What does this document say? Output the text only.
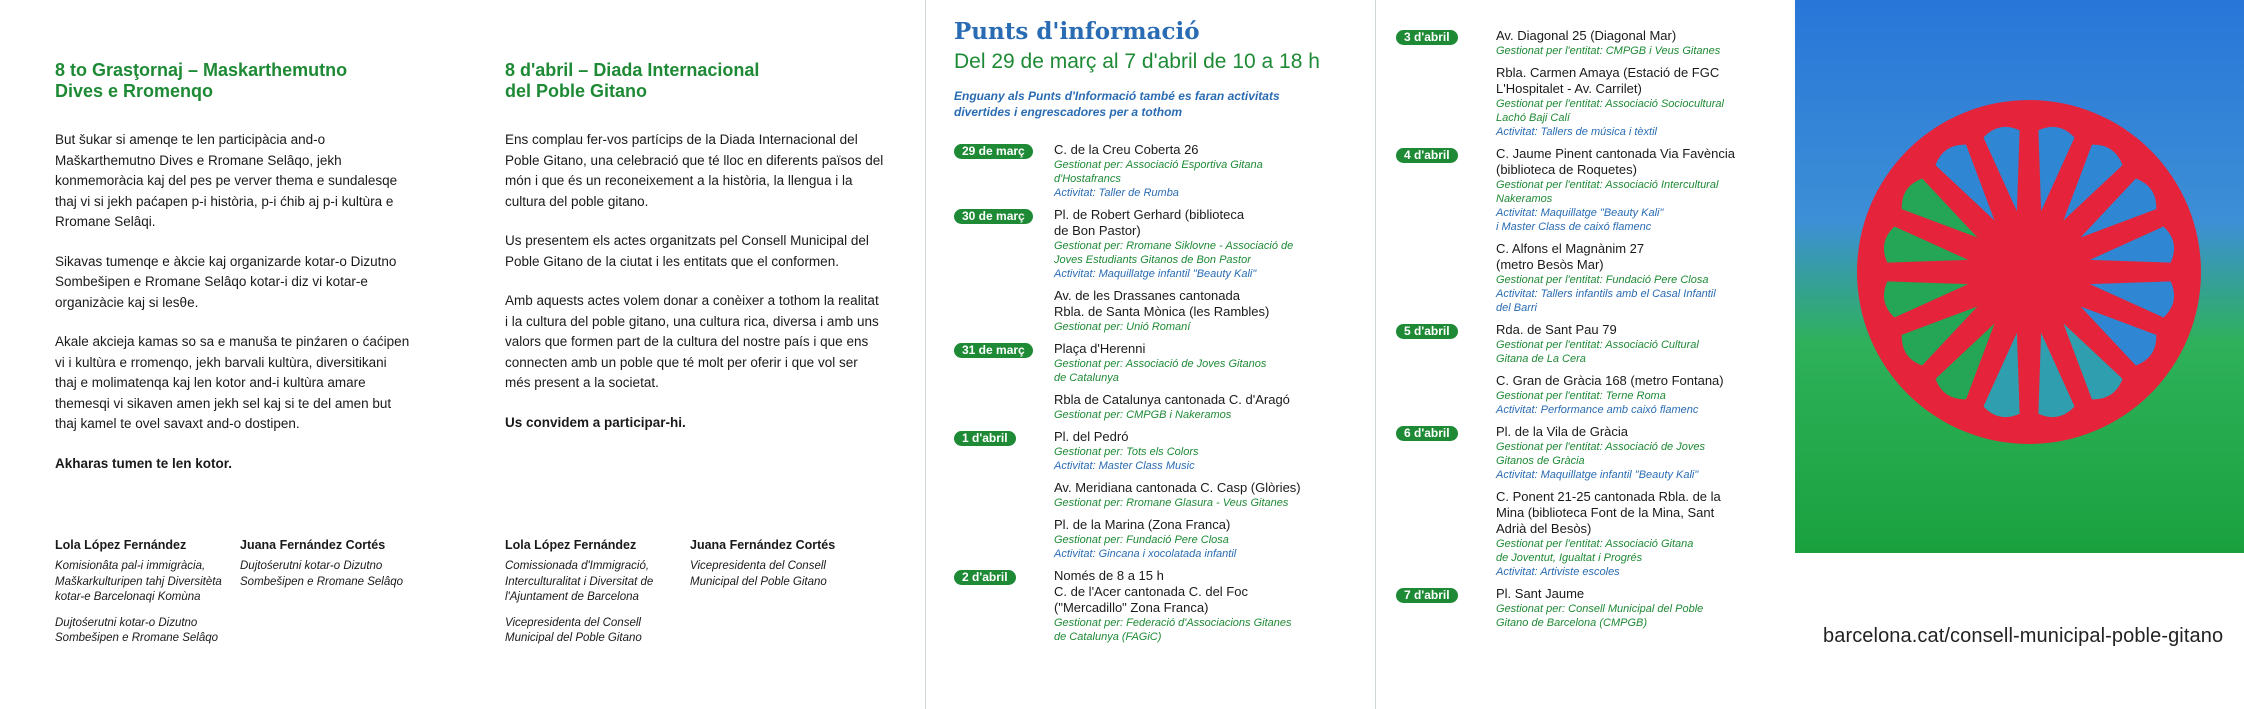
8 to Grasţornaj – Maskarthemutno
Dives e Rromenqo
But šukar si amenqe te len participàcia and-o Maškarthemutno Dives e Rromane Selâqo, jekh konmemoràcia kaj del pes pe verver thema e sundalesqe thaj vi si jekh paćapen p-i història, p-i ćhib aj p-i kultùra e Rromane Selâqi.
Sikavas tumenqe e àkcie kaj organizarde kotar-o Dizutno Sombešipen e Rromane Selâqo kotar-i diz vi kotar-e organizàcie kaj si lesθe.
Akale akcieja kamas so sa e manuša te pinźaren o ćaćipen vi i kultùra e rromenqo, jekh barvali kultùra, diversitikani thaj e molimatenqa kaj len kotor and-i kultùra amare themesqi vi sikaven amen jekh sel kaj si te del amen but thaj kamel te ovel savaxt and-o dostipen.
Akharas tumen te len kotor.
Lola López Fernández
Komisionâta pal-i immigràcia, Maškarkulturipen tahj Diversitèta kotar-e Barcelonaqi Komùna
Dujtośerutni kotar-o Dizutno Sombešipen e Rromane Selâqo
Juana Fernández Cortés
Dujtośerutni kotar-o Dizutno Sombešipen e Rromane Selâqo
8 d'abril – Diada Internacional
del Poble Gitano
Ens complau fer-vos partícips de la Diada Internacional del Poble Gitano, una celebració que té lloc en diferents països del món i que és un reconeixement a la història, la llengua i la cultura del poble gitano.
Us presentem els actes organitzats pel Consell Municipal del Poble Gitano de la ciutat i les entitats que el conformen.
Amb aquests actes volem donar a conèixer a tothom la realitat i la cultura del poble gitano, una cultura rica, diversa i amb uns valors que formen part de la cultura del nostre país i que ens connecten amb un poble que té molt per oferir i que vol ser més present a la societat.
Us convidem a participar-hi.
Lola López Fernández
Comissionada d'Immigració, Interculturalitat i Diversitat de l'Ajuntament de Barcelona
Vicepresidenta del Consell Municipal del Poble Gitano
Juana Fernández Cortés
Vicepresidenta del Consell Municipal del Poble Gitano
Punts d'informació
Del 29 de març al 7 d'abril de 10 a 18 h
Enguany als Punts d'Informació també es faran activitats divertides i engrescadores per a tothom
29 de març	C. de la Creu Coberta 26
Gestionat per: Associació Esportiva Gitana
d'Hostafrancs
Activitat: Taller de Rumba
30 de març	Pl. de Robert Gerhard (biblioteca
de Bon Pastor)
Gestionat per: Rromane Siklovne - Associació de
Joves Estudiants Gitanos de Bon Pastor
Activitat: Maquillatge infantil "Beauty Kali"
Av. de les Drassanes cantonada
Rbla. de Santa Mònica (les Rambles)
Gestionat per: Unió Romaní
31 de març	Plaça d'Herenni
Gestionat per: Associació de Joves Gitanos
de Catalunya
Rbla de Catalunya cantonada C. d'Aragó
Gestionat per: CMPGB i Nakeramos
1 d'abril	Pl. del Pedró
Gestionat per: Tots els Colors
Activitat: Master Class Music
Av. Meridiana cantonada C. Casp (Glòries)
Gestionat per: Rromane Glasura - Veus Gitanes
Pl. de la Marina (Zona Franca)
Gestionat per: Fundació Pere Closa
Activitat: Gincana i xocolatada infantil
2 d'abril	Només de 8 a 15 h
C. de l'Acer cantonada C. del Foc
("Mercadillo" Zona Franca)
Gestionat per: Federació d'Associacions Gitanes
de Catalunya (FAGiC)
3 d'abril	Av. Diagonal 25 (Diagonal Mar)
Gestionat per l'entitat: CMPGB i Veus Gitanes
Rbla. Carmen Amaya (Estació de FGC
L'Hospitalet - Av. Carrilet)
Gestionat per l'entitat: Associació Sociocultural
Lachó Baji Calí
Activitat: Tallers de música i tèxtil
4 d'abril	C. Jaume Pinent cantonada Via Favència
(biblioteca de Roquetes)
Gestionat per l'entitat: Associació Intercultural
Nakeramos
Activitat: Maquillatge "Beauty Kali"
i Master Class de caixó flamenc
C. Alfons el Magnànim 27
(metro Besòs Mar)
Gestionat per l'entitat: Fundació Pere Closa
Activitat: Tallers infantils amb el Casal Infantil
del Barri
5 d'abril	Rda. de Sant Pau 79
Gestionat per l'entitat: Associació Cultural
Gitana de La Cera
C. Gran de Gràcia 168 (metro Fontana)
Gestionat per l'entitat: Terne Roma
Activitat: Performance amb caixó flamenc
6 d'abril	Pl. de la Vila de Gràcia
Gestionat per l'entitat: Associació de Joves
Gitanos de Gràcia
Activitat: Maquillatge infantil "Beauty Kali"
C. Ponent 21-25 cantonada Rbla. de la
Mina (biblioteca Font de la Mina, Sant
Adrià del Besòs)
Gestionat per l'entitat: Associació Gitana
de Joventut, Igualtat i Progrés
Activitat: Artiviste escoles
7 d'abril	Pl. Sant Jaume
Gestionat per: Consell Municipal del Poble
Gitano de Barcelona (CMPGB)
barcelona.cat/consell-municipal-poble-gitano
